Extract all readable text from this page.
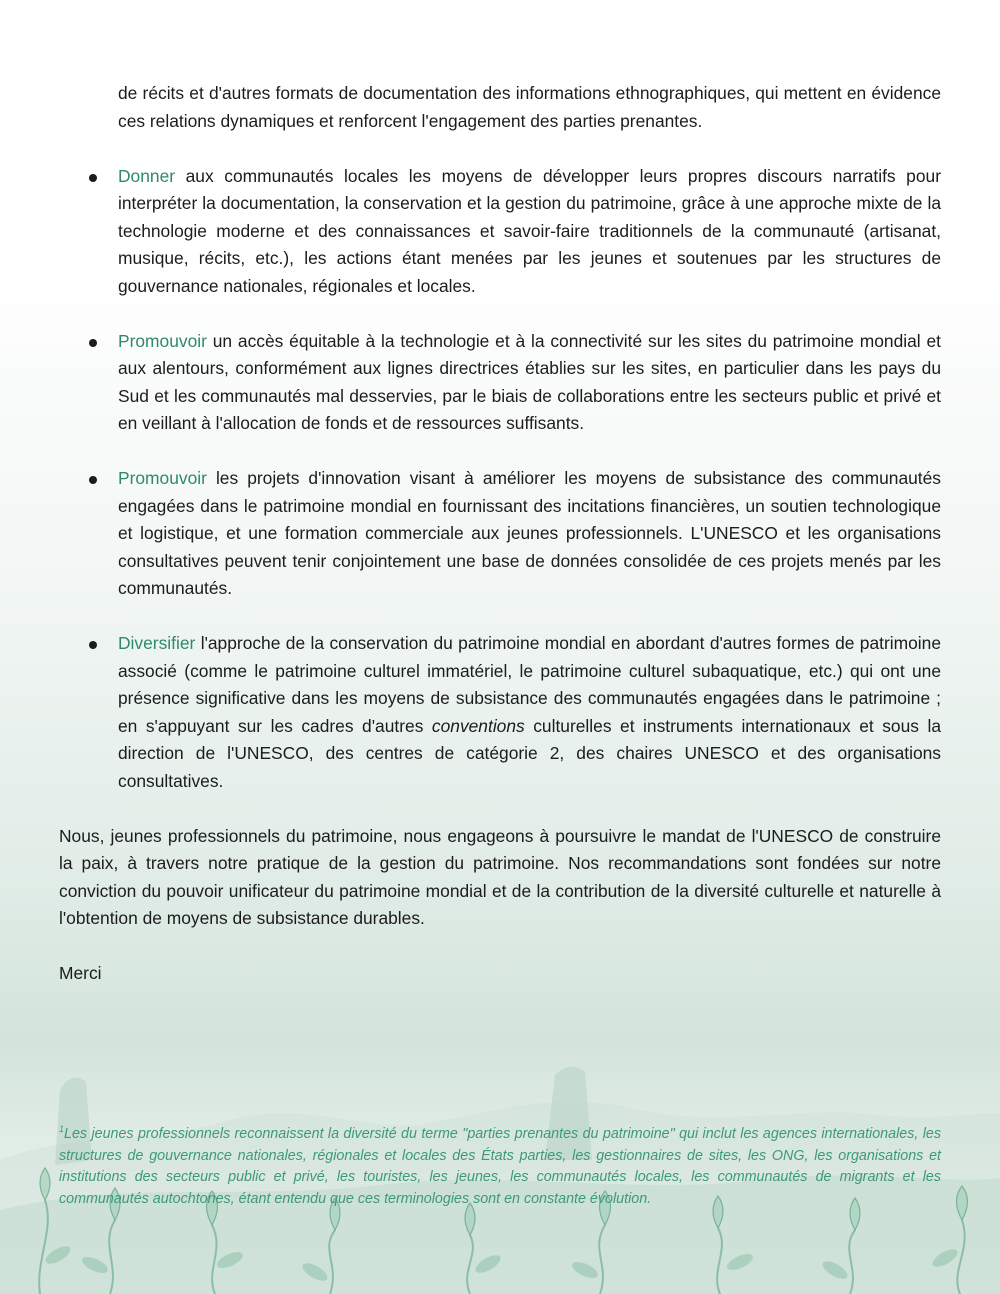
de récits et d'autres formats de documentation des informations ethnographiques, qui mettent en évidence ces relations dynamiques et renforcent l'engagement des parties prenantes.

Donner aux communautés locales les moyens de développer leurs propres discours narratifs pour interpréter la documentation, la conservation et la gestion du patrimoine, grâce à une approche mixte de la technologie moderne et des connaissances et savoir-faire traditionnels de la communauté (artisanat, musique, récits, etc.), les actions étant menées par les jeunes et soutenues par les structures de gouvernance nationales, régionales et locales.
Promouvoir un accès équitable à la technologie et à la connectivité sur les sites du patrimoine mondial et aux alentours, conformément aux lignes directrices établies sur les sites, en particulier dans les pays du Sud et les communautés mal desservies, par le biais de collaborations entre les secteurs public et privé et en veillant à l'allocation de fonds et de ressources suffisants.
Promouvoir les projets d'innovation visant à améliorer les moyens de subsistance des communautés engagées dans le patrimoine mondial en fournissant des incitations financières, un soutien technologique et logistique, et une formation commerciale aux jeunes professionnels. L'UNESCO et les organisations consultatives peuvent tenir conjointement une base de données consolidée de ces projets menés par les communautés.
Diversifier l'approche de la conservation du patrimoine mondial en abordant d'autres formes de patrimoine associé (comme le patrimoine culturel immatériel, le patrimoine culturel subaquatique, etc.) qui ont une présence significative dans les moyens de subsistance des communautés engagées dans le patrimoine ; en s'appuyant sur les cadres d'autres conventions culturelles et instruments internationaux et sous la direction de l'UNESCO, des centres de catégorie 2, des chaires UNESCO et des organisations consultatives.

Nous, jeunes professionnels du patrimoine, nous engageons à poursuivre le mandat de l'UNESCO de construire la paix, à travers notre pratique de la gestion du patrimoine. Nos recommandations sont fondées sur notre conviction du pouvoir unificateur du patrimoine mondial et de la contribution de la diversité culturelle et naturelle à l'obtention de moyens de subsistance durables.

Merci

$^1$Les jeunes professionnels reconnaissent la diversité du terme "parties prenantes du patrimoine" qui inclut les agences internationales, les structures de gouvernance nationales, régionales et locales des États parties, les gestionnaires de sites, les ONG, les organisations et institutions des secteurs public et privé, les touristes, les jeunes, les communautés locales, les communautés de migrants et les communautés autochtones, étant entendu que ces terminologies sont en constante évolution.
